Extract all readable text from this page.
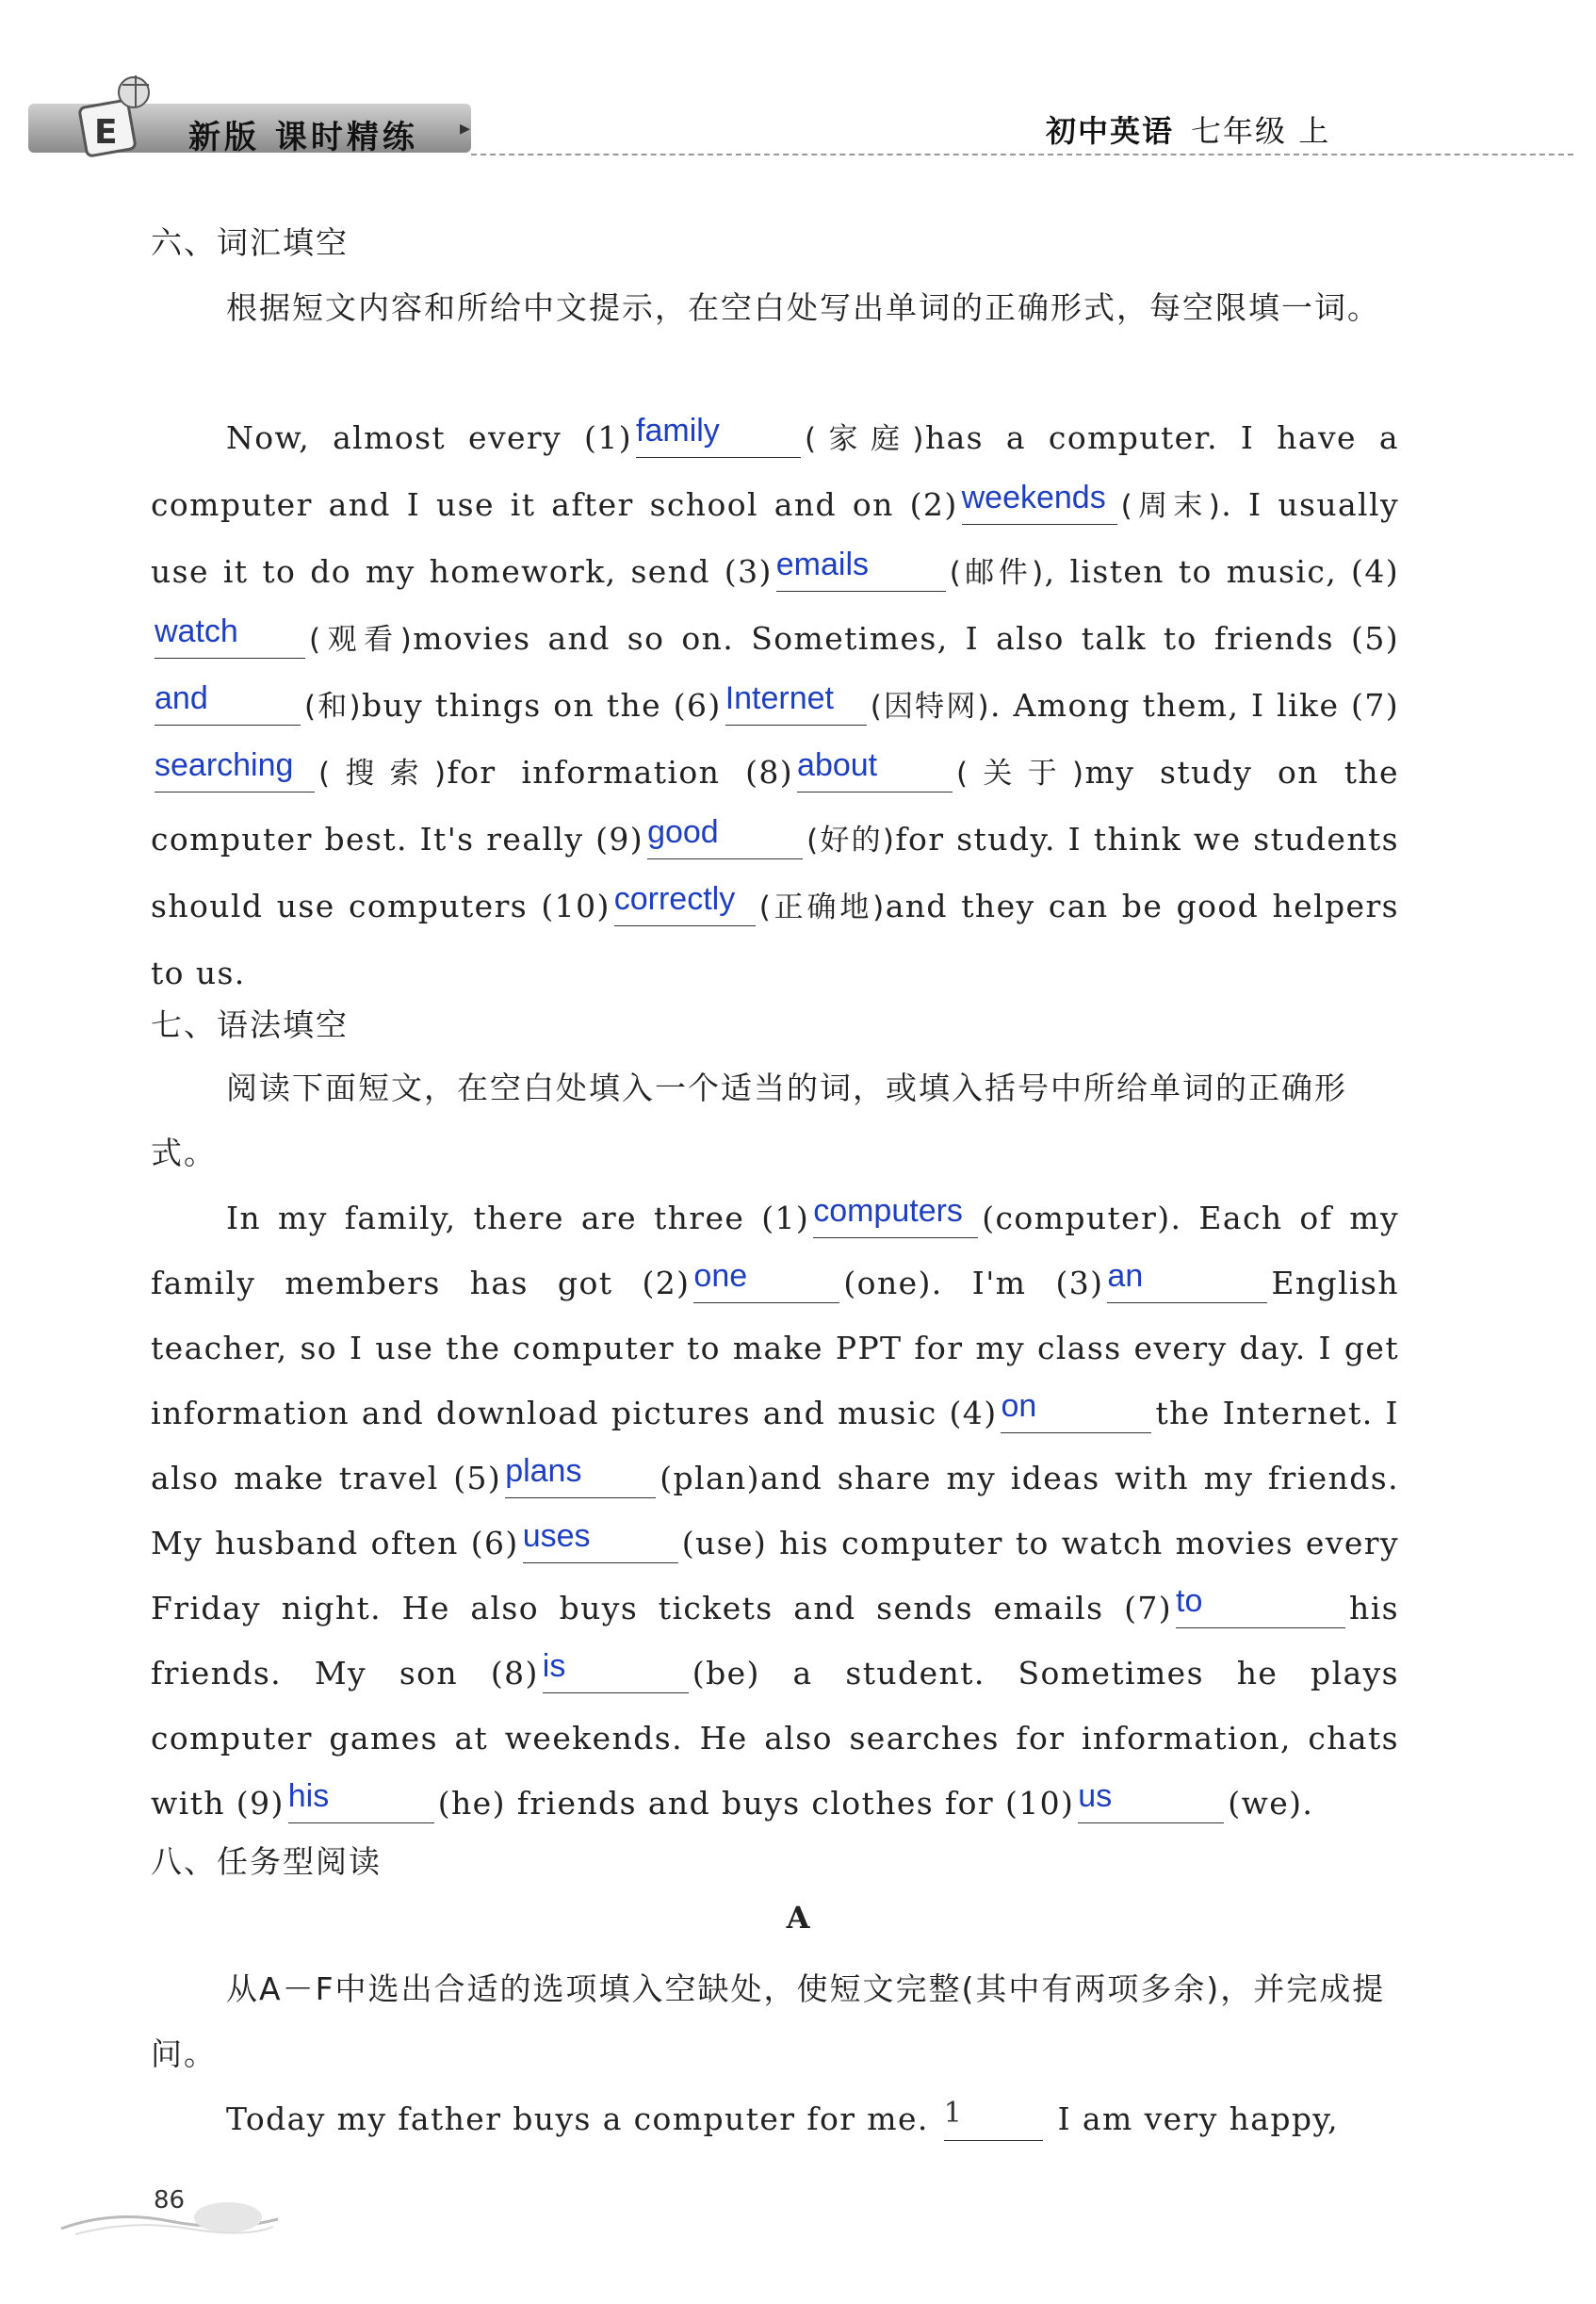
E 新版 课时精练 ▸	初中英语 七年级 上
六、词汇填空
根据短文内容和所给中文提示，在空白处写出单词的正确形式，每空限填一词。
Now, almost every (1) family	(家庭)has a computer. I have a computer and I use it after school and on (2) weekends (周末). I usually use it to do my homework, send (3) emails	(邮件), listen to music, (4)watch (观看)movies and so on. Sometimes, I also talk to friends (5)and	(和)buy things on the (6) Internet (因特网). Among them, I like (7)searching (搜索)for information (8) about	(关于)my study on the computer best. It's really (9) good	(好的)for study. I think we students should use computers (10) correctly (正确地)and they can be good helpers to us.
七、语法填空
阅读下面短文，在空白处填入一个适当的词，或填入括号中所给单词的正确形式。
In my family, there are three (1) computers (computer). Each of my family members has got (2) one	(one). I'm (3) an	English teacher, so I use the computer to make PPT for my class every day. I get information and download pictures and music (4) on	the Internet. I also make travel (5) plans	(plan)and share my ideas with my friends. My husband often (6) uses	(use) his computer to watch movies every Friday night. He also buys tickets and sends emails (7) to	his friends. My son (8) is	(be) a student. Sometimes he plays computer games at weekends. He also searches for information, chats with (9) his	(he) friends and buys clothes for (10) us	(we).
八、任务型阅读
A
从A－F中选出合适的选项填入空缺处，使短文完整(其中有两项多余)，并完成提问。
Today my father buys a computer for me. 1	I am very happy,
86
